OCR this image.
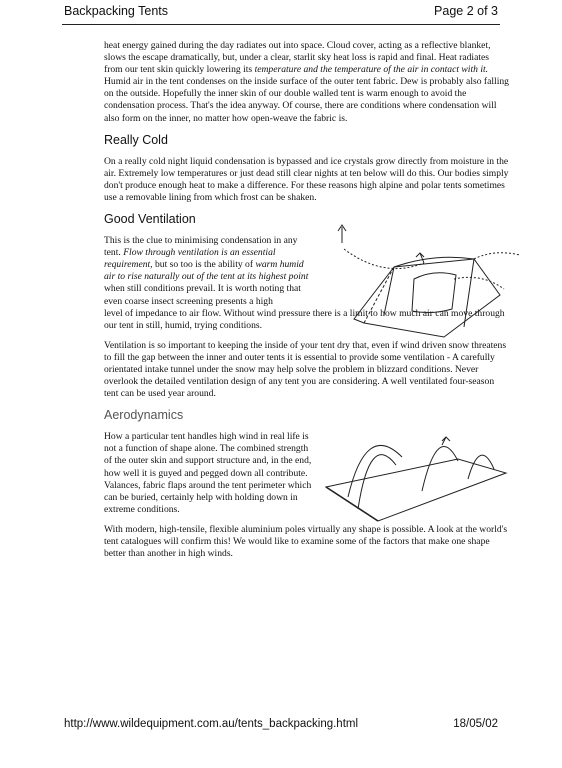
Backpacking Tents	Page 2 of 3

heat energy gained during the day radiates out into space. Cloud cover, acting as a reflective blanket, slows the escape dramatically, but, under a clear, starlit sky heat loss is rapid and final. Heat radiates from our tent skin quickly lowering its temperature and the temperature of the air in contact with it. Humid air in the tent condenses on the inside surface of the outer tent fabric. Dew is probably also falling on the outside. Hopefully the inner skin of our double walled tent is warm enough to avoid the condensation process. That's the idea anyway. Of course, there are conditions where condensation will also form on the inner, no matter how open-weave the fabric is.

Really Cold

On a really cold night liquid condensation is bypassed and ice crystals grow directly from moisture in the air. Extremely low temperatures or just dead still clear nights at ten below will do this. Our bodies simply don't produce enough heat to make a difference. For these reasons high alpine and polar tents sometimes use a removable lining from which frost can be shaken.

Good Ventilation

This is the clue to minimising condensation in any tent. Flow through ventilation is an essential requirement, but so too is the ability of warm humid air to rise naturally out of the tent at its highest point when still conditions prevail. It is worth noting that even coarse insect screening presents a high

level of impedance to air flow. Without wind pressure there is a limit to how much air can move through our tent in still, humid, trying conditions.

Ventilation is so important to keeping the inside of your tent dry that, even if wind driven snow threatens to fill the gap between the inner and outer tents it is essential to provide some ventilation - A carefully orientated intake tunnel under the snow may help solve the problem in blizzard conditions. Never overlook the detailed ventilation design of any tent you are considering. A well ventilated four-season tent can be used year around.

Aerodynamics

How a particular tent handles high wind in real life is not a function of shape alone. The combined strength of the outer skin and support structure and, in the end, how well it is guyed and pegged down all contribute. Valances, fabric flaps around the tent perimeter which can be buried, certainly help with holding down in extreme conditions.

With modern, high-tensile, flexible aluminium poles virtually any shape is possible. A look at the world's tent catalogues will confirm this! We would like to examine some of the factors that make one shape better than another in high winds.

http://www.wildequipment.com.au/tents_backpacking.html	18/05/02
